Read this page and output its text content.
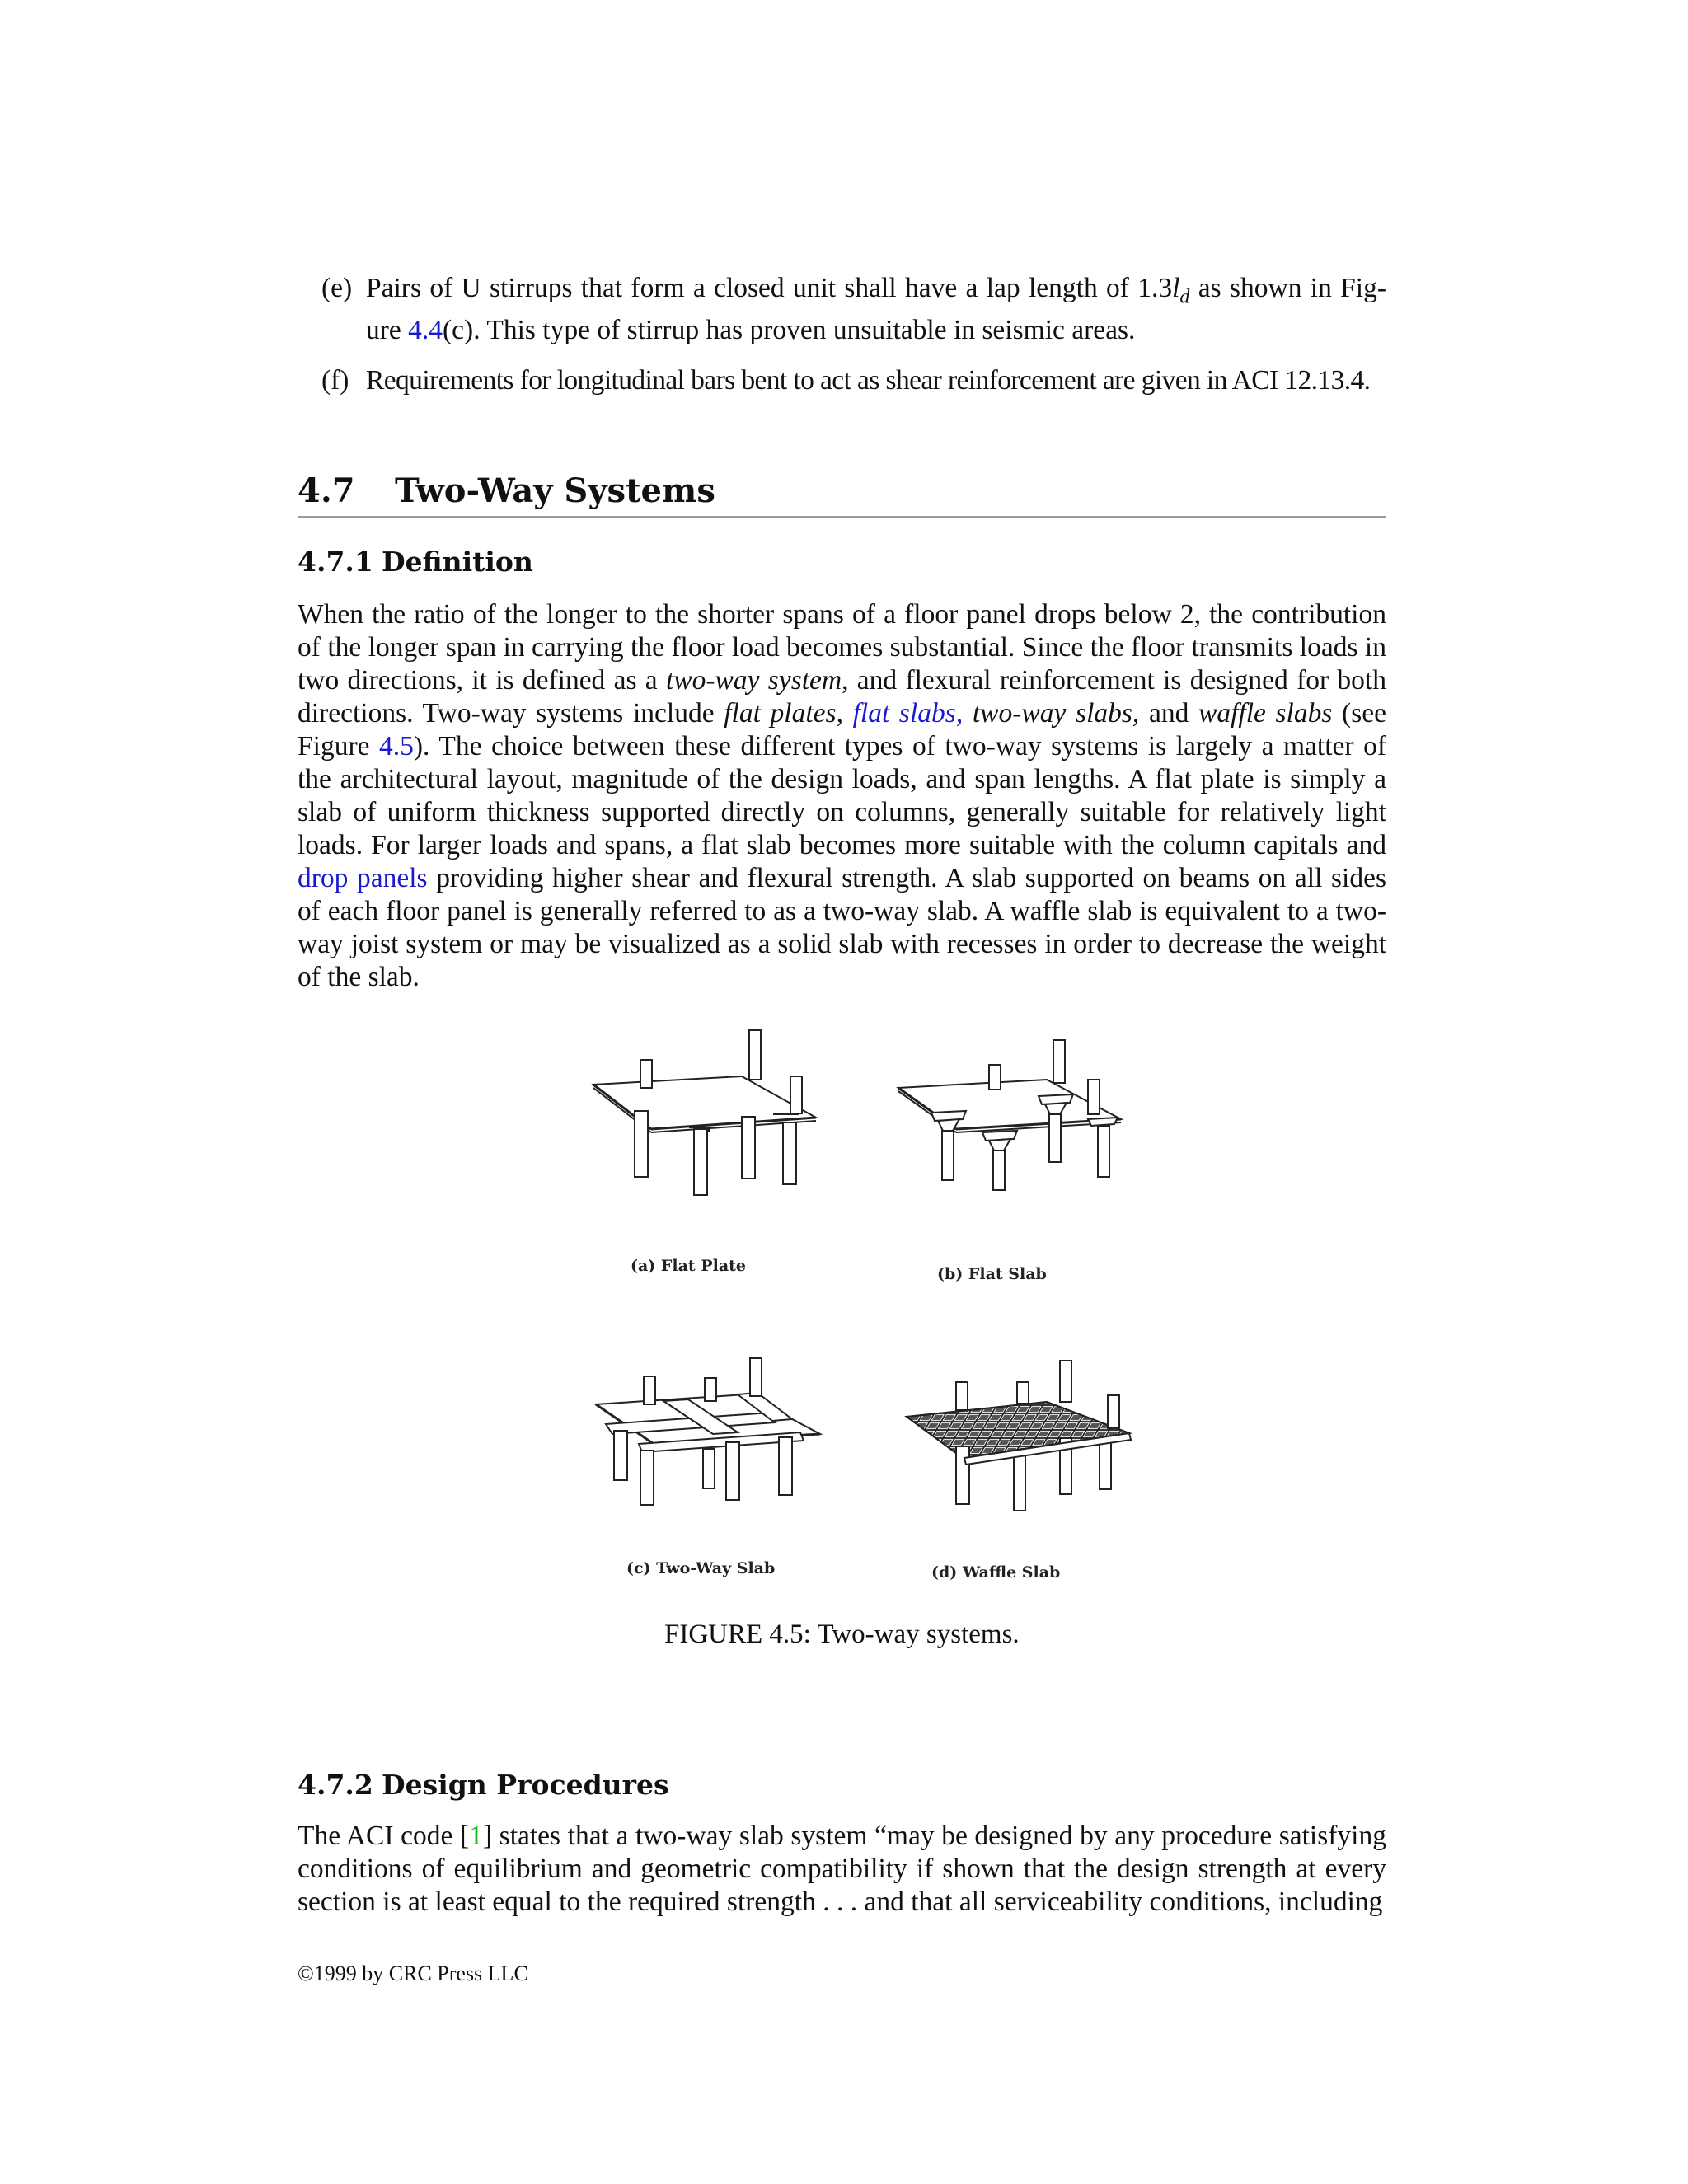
(e) Pairs of U stirrups that form a closed unit shall have a lap length of $1.3l_d$ as shown in Fig-ure 4.4(c). This type of stirrup has proven unsuitable in seismic areas.

(f) Requirements for longitudinal bars bent to act as shear reinforcement are given in ACI 12.13.4.

4.7 Two-Way Systems
4.7.1 Definition

When the ratio of the longer to the shorter spans of a floor panel drops below 2, the contribution of the longer span in carrying the floor load becomes substantial. Since the floor transmits loads in two directions, it is defined as a two-way system, and flexural reinforcement is designed for both directions. Two-way systems include flat plates, flat slabs, two-way slabs, and waffle slabs (see Figure 4.5). The choice between these different types of two-way systems is largely a matter of the architectural layout, magnitude of the design loads, and span lengths. A flat plate is simply a slab of uniform thickness supported directly on columns, generally suitable for relatively light loads. For larger loads and spans, a flat slab becomes more suitable with the column capitals and drop panels providing higher shear and flexural strength. A slab supported on beams on all sides of each floor panel is generally referred to as a two-way slab. A waffle slab is equivalent to a two-way joist system or may be visualized as a solid slab with recesses in order to decrease the weight of the slab.

(a) Flat Plate	(b) Flat Slab
(c) Two-Way Slab	(d) Waffle Slab
FIGURE 4.5: Two-way systems.
4.7.2 Design Procedures

The ACI code [1] states that a two-way slab system “may be designed by any procedure satisfying conditions of equilibrium and geometric compatibility if shown that the design strength at every section is at least equal to the required strength . . . and that all serviceability conditions, including

©1999 by CRC Press LLC
